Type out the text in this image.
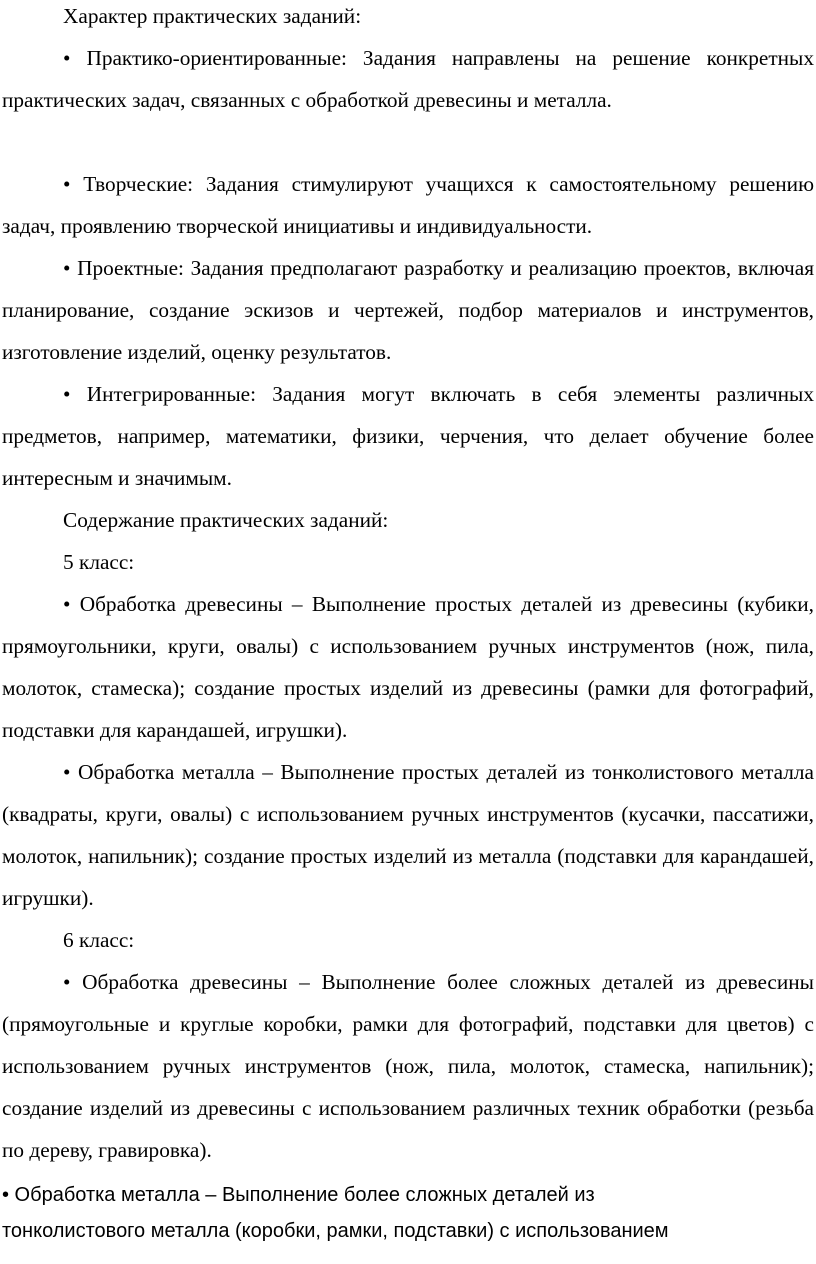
Характер практических заданий:

• Практико-ориентированные: Задания направлены на решение конкретных практических задач, связанных с обработкой древесины и металла.

• Творческие: Задания стимулируют учащихся к самостоятельному решению задач, проявлению творческой инициативы и индивидуальности.

• Проектные: Задания предполагают разработку и реализацию проектов, включая планирование, создание эскизов и чертежей, подбор материалов и инструментов, изготовление изделий, оценку результатов.

• Интегрированные: Задания могут включать в себя элементы различных предметов, например, математики, физики, черчения, что делает обучение более интересным и значимым.

Содержание практических заданий:

5 класс:

• Обработка древесины – Выполнение простых деталей из древесины (кубики, прямоугольники, круги, овалы) с использованием ручных инструментов (нож, пила, молоток, стамеска); создание простых изделий из древесины (рамки для фотографий, подставки для карандашей, игрушки).

• Обработка металла – Выполнение простых деталей из тонколистового металла (квадраты, круги, овалы) с использованием ручных инструментов (кусачки, пассатижи, молоток, напильник); создание простых изделий из металла (подставки для карандашей, игрушки).

6 класс:

• Обработка древесины – Выполнение более сложных деталей из древесины (прямоугольные и круглые коробки, рамки для фотографий, подставки для цветов) с использованием ручных инструментов (нож, пила, молоток, стамеска, напильник); создание изделий из древесины с использованием различных техник обработки (резьба по дереву, гравировка).

• Обработка металла – Выполнение более сложных деталей из

тонколистового металла (коробки, рамки, подставки) с использованием
